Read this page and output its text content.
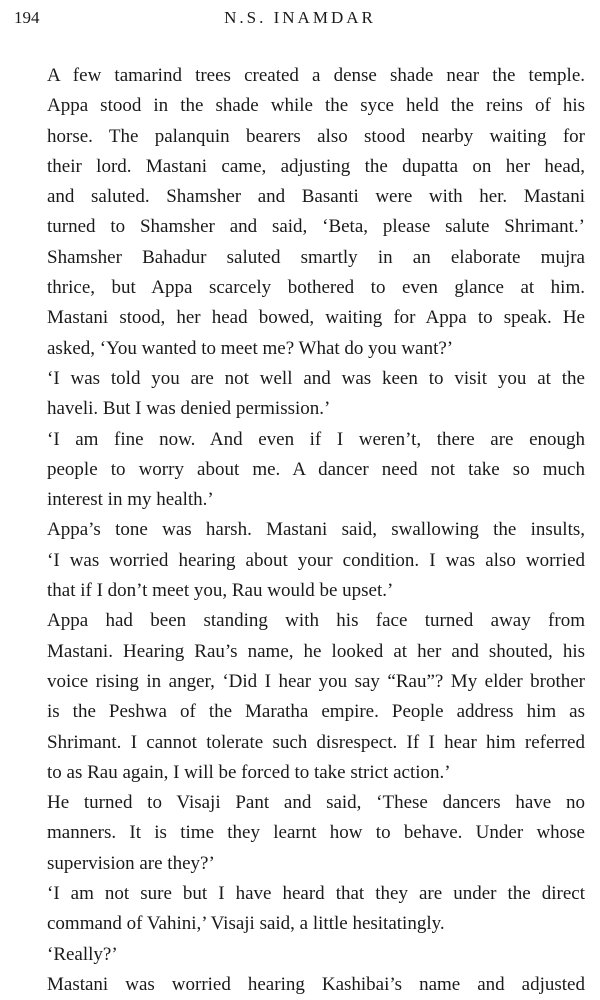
194	N.S. INAMDAR

A few tamarind trees created a dense shade near the temple.
Appa stood in the shade while the syce held the reins of his
horse. The palanquin bearers also stood nearby waiting for
their lord. Mastani came, adjusting the dupatta on her head,
and saluted. Shamsher and Basanti were with her. Mastani
turned to Shamsher and said, ‘Beta, please salute Shrimant.’

Shamsher Bahadur saluted smartly in an elaborate mujra
thrice, but Appa scarcely bothered to even glance at him.
Mastani stood, her head bowed, waiting for Appa to speak. He
asked, ‘You wanted to meet me? What do you want?’

‘I was told you are not well and was keen to visit you at the
haveli. But I was denied permission.’

‘I am fine now. And even if I weren’t, there are enough
people to worry about me. A dancer need not take so much
interest in my health.’

Appa’s tone was harsh. Mastani said, swallowing the insults,
‘I was worried hearing about your condition. I was also worried
that if I don’t meet you, Rau would be upset.’

Appa had been standing with his face turned away from
Mastani. Hearing Rau’s name, he looked at her and shouted, his
voice rising in anger, ‘Did I hear you say “Rau”? My elder brother
is the Peshwa of the Maratha empire. People address him as
Shrimant. I cannot tolerate such disrespect. If I hear him referred
to as Rau again, I will be forced to take strict action.’

He turned to Visaji Pant and said, ‘These dancers have no
manners. It is time they learnt how to behave. Under whose
supervision are they?’

‘I am not sure but I have heard that they are under the direct
command of Vahini,’ Visaji said, a little hesitatingly.

‘Really?’

Mastani was worried hearing Kashibai’s name and adjusted
